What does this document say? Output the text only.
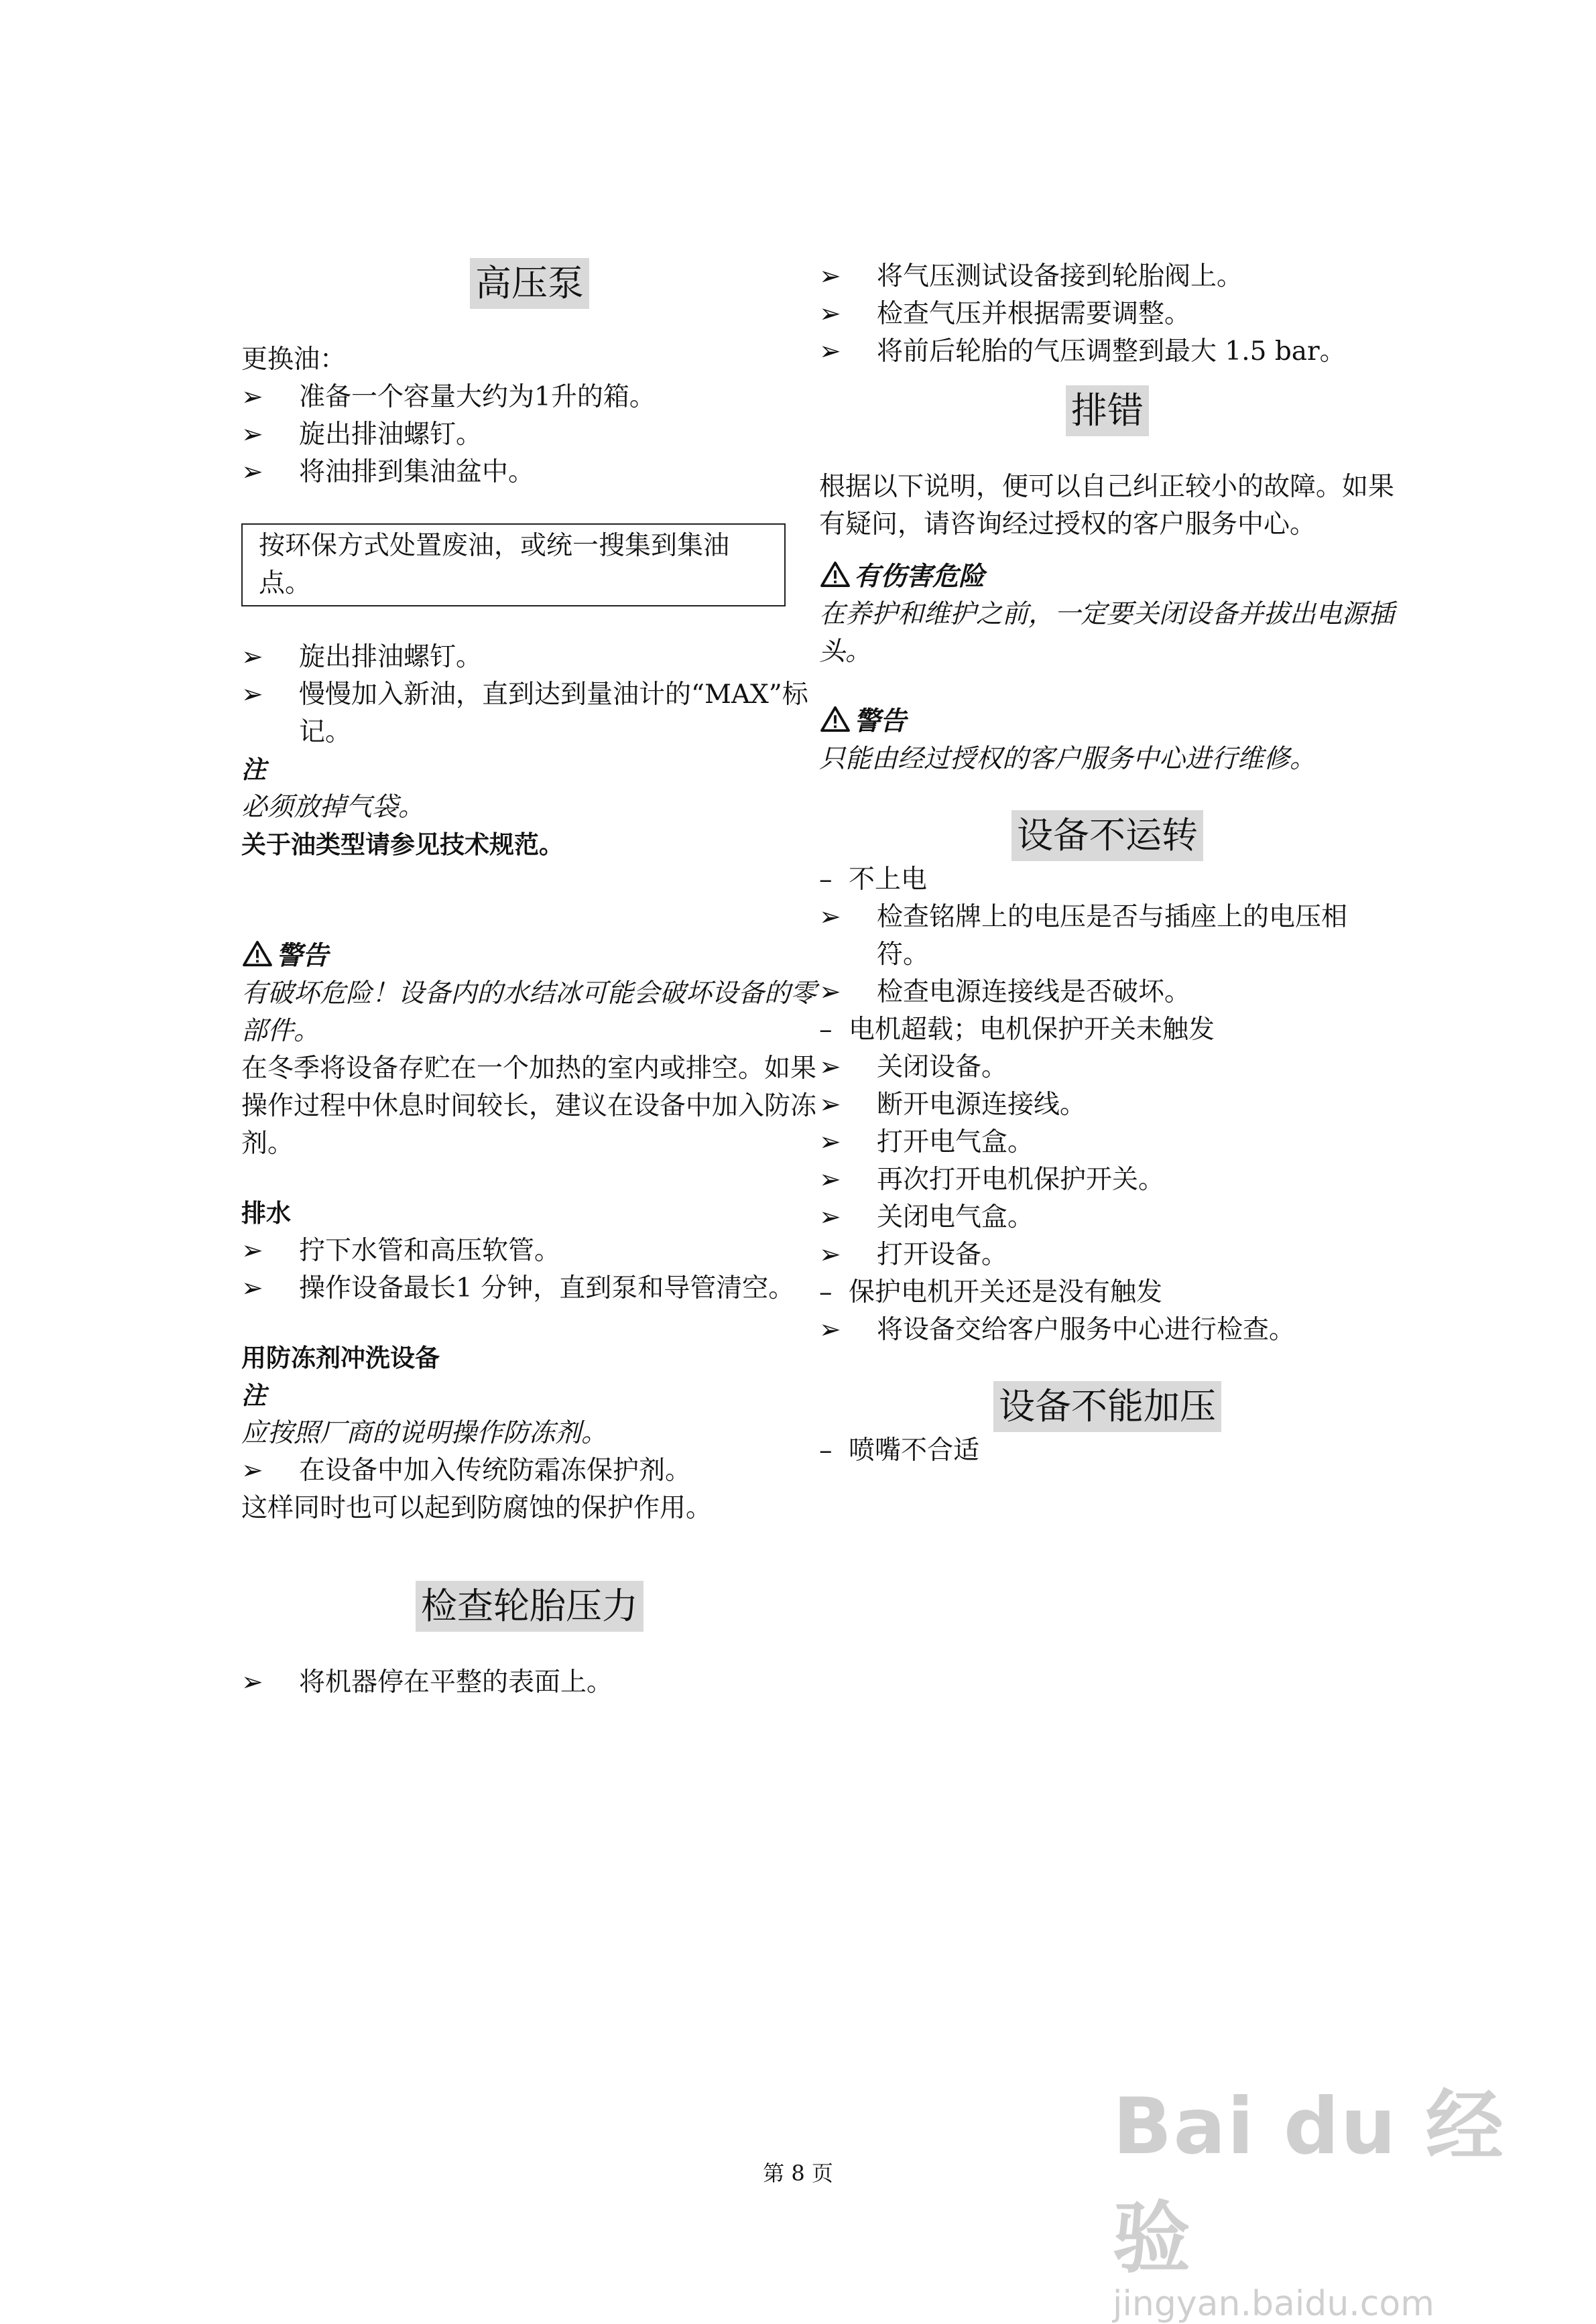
高压泵

更换油：

➢	准备一个容量大约为1升的箱。

➢	旋出排油螺钉。

➢	将油排到集油盆中。

按环保方式处置废油，或统一搜集到集油点。

➢	旋出排油螺钉。

➢	慢慢加入新油，直到达到量油计的“MAX”标记。

注

必须放掉气袋。

关于油类型请参见技术规范。

警告

有破坏危险！设备内的水结冰可能会破坏设备的零部件。

在冬季将设备存贮在一个加热的室内或排空。如果操作过程中休息时间较长，建议在设备中加入防冻剂。

排水

➢	拧下水管和高压软管。

➢	操作设备最长1 分钟，直到泵和导管清空。

用防冻剂冲洗设备

注

应按照厂商的说明操作防冻剂。

➢	在设备中加入传统防霜冻保护剂。

这样同时也可以起到防腐蚀的保护作用。

检查轮胎压力

➢	将机器停在平整的表面上。

➢	将气压测试设备接到轮胎阀上。

➢	检查气压并根据需要调整。

➢	将前后轮胎的气压调整到最大 1.5 bar。

排错

根据以下说明，便可以自己纠正较小的故障。如果有疑问，请咨询经过授权的客户服务中心。

有伤害危险

在养护和维护之前，一定要关闭设备并拔出电源插头。

警告

只能由经过授权的客户服务中心进行维修。

设备不运转

– 不上电

➢	检查铭牌上的电压是否与插座上的电压相符。

➢	检查电源连接线是否破坏。

– 电机超载；电机保护开关未触发

➢	关闭设备。

➢	断开电源连接线。

➢	打开电气盒。

➢	再次打开电机保护开关。

➢	关闭电气盒。

➢	打开设备。

– 保护电机开关还是没有触发

➢	将设备交给客户服务中心进行检查。

设备不能加压

– 喷嘴不合适

第 8 页
Bai du 经验
jingyan.baidu.com
